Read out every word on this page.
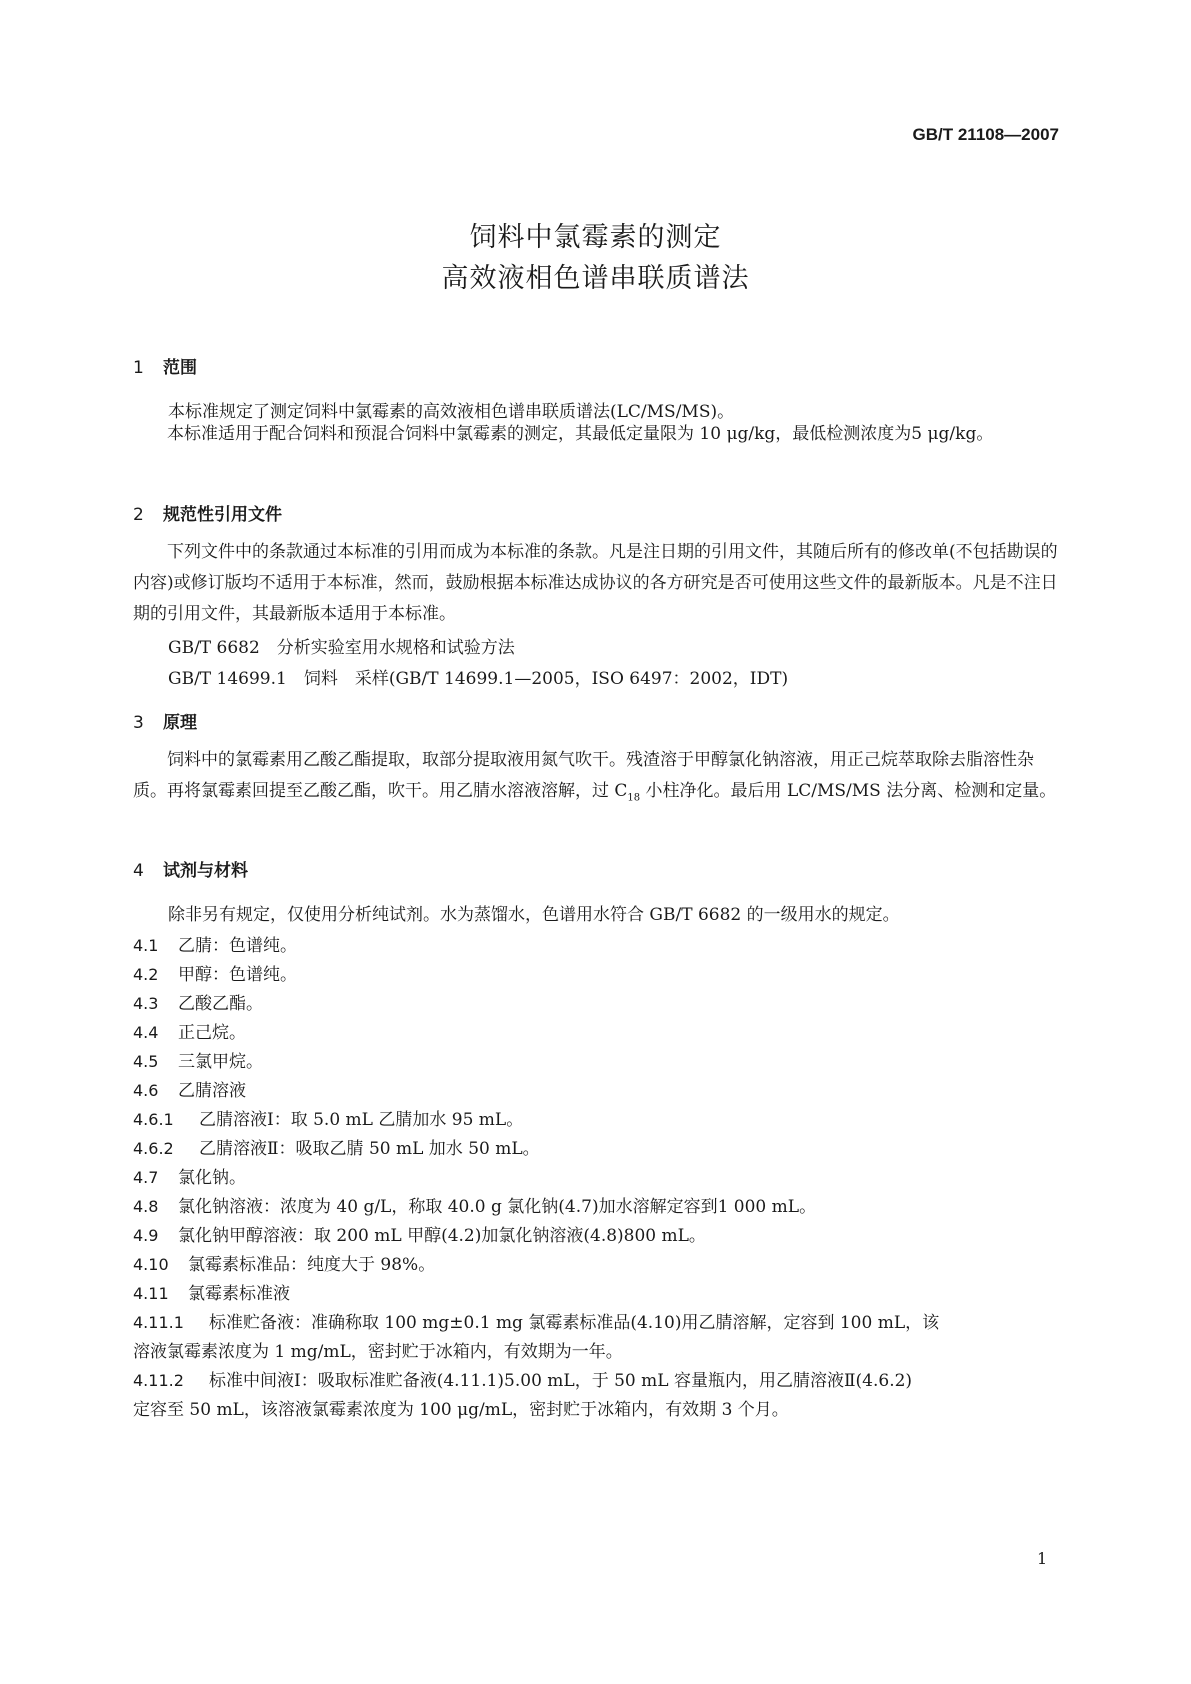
GB/T 21108—2007
饲料中氯霉素的测定
高效液相色谱串联质谱法
1 范围
本标准规定了测定饲料中氯霉素的高效液相色谱串联质谱法(LC/MS/MS)。
本标准适用于配合饲料和预混合饲料中氯霉素的测定，其最低定量限为 10 μg/kg，最低检测浓度为5 μg/kg。
2 规范性引用文件
下列文件中的条款通过本标准的引用而成为本标准的条款。凡是注日期的引用文件，其随后所有的修改单(不包括勘误的内容)或修订版均不适用于本标准，然而，鼓励根据本标准达成协议的各方研究是否可使用这些文件的最新版本。凡是不注日期的引用文件，其最新版本适用于本标准。
GB/T 6682　分析实验室用水规格和试验方法
GB/T 14699.1　饲料　采样(GB/T 14699.1—2005，ISO 6497：2002，IDT)
3 原理
饲料中的氯霉素用乙酸乙酯提取，取部分提取液用氮气吹干。残渣溶于甲醇氯化钠溶液，用正己烷萃取除去脂溶性杂质。再将氯霉素回提至乙酸乙酯，吹干。用乙腈水溶液溶解，过 $C_{18}$ 小柱净化。最后用 LC/MS/MS 法分离、检测和定量。
4 试剂与材料
除非另有规定，仅使用分析纯试剂。水为蒸馏水，色谱用水符合 GB/T 6682 的一级用水的规定。
4.1 乙腈：色谱纯。
4.2 甲醇：色谱纯。
4.3 乙酸乙酯。
4.4 正己烷。
4.5 三氯甲烷。
4.6 乙腈溶液
4.6.1 乙腈溶液Ⅰ：取 5.0 mL 乙腈加水 95 mL。
4.6.2 乙腈溶液Ⅱ：吸取乙腈 50 mL 加水 50 mL。
4.7 氯化钠。
4.8 氯化钠溶液：浓度为 40 g/L，称取 40.0 g 氯化钠(4.7)加水溶解定容到1 000 mL。
4.9 氯化钠甲醇溶液：取 200 mL 甲醇(4.2)加氯化钠溶液(4.8)800 mL。
4.10 氯霉素标准品：纯度大于 98%。
4.11 氯霉素标准液
4.11.1 标准贮备液：准确称取 100 mg±0.1 mg 氯霉素标准品(4.10)用乙腈溶解，定容到 100 mL，该
溶液氯霉素浓度为 1 mg/mL，密封贮于冰箱内，有效期为一年。
4.11.2 标准中间液Ⅰ：吸取标准贮备液(4.11.1)5.00 mL，于 50 mL 容量瓶内，用乙腈溶液Ⅱ(4.6.2)
定容至 50 mL，该溶液氯霉素浓度为 100 μg/mL，密封贮于冰箱内，有效期 3 个月。
1
